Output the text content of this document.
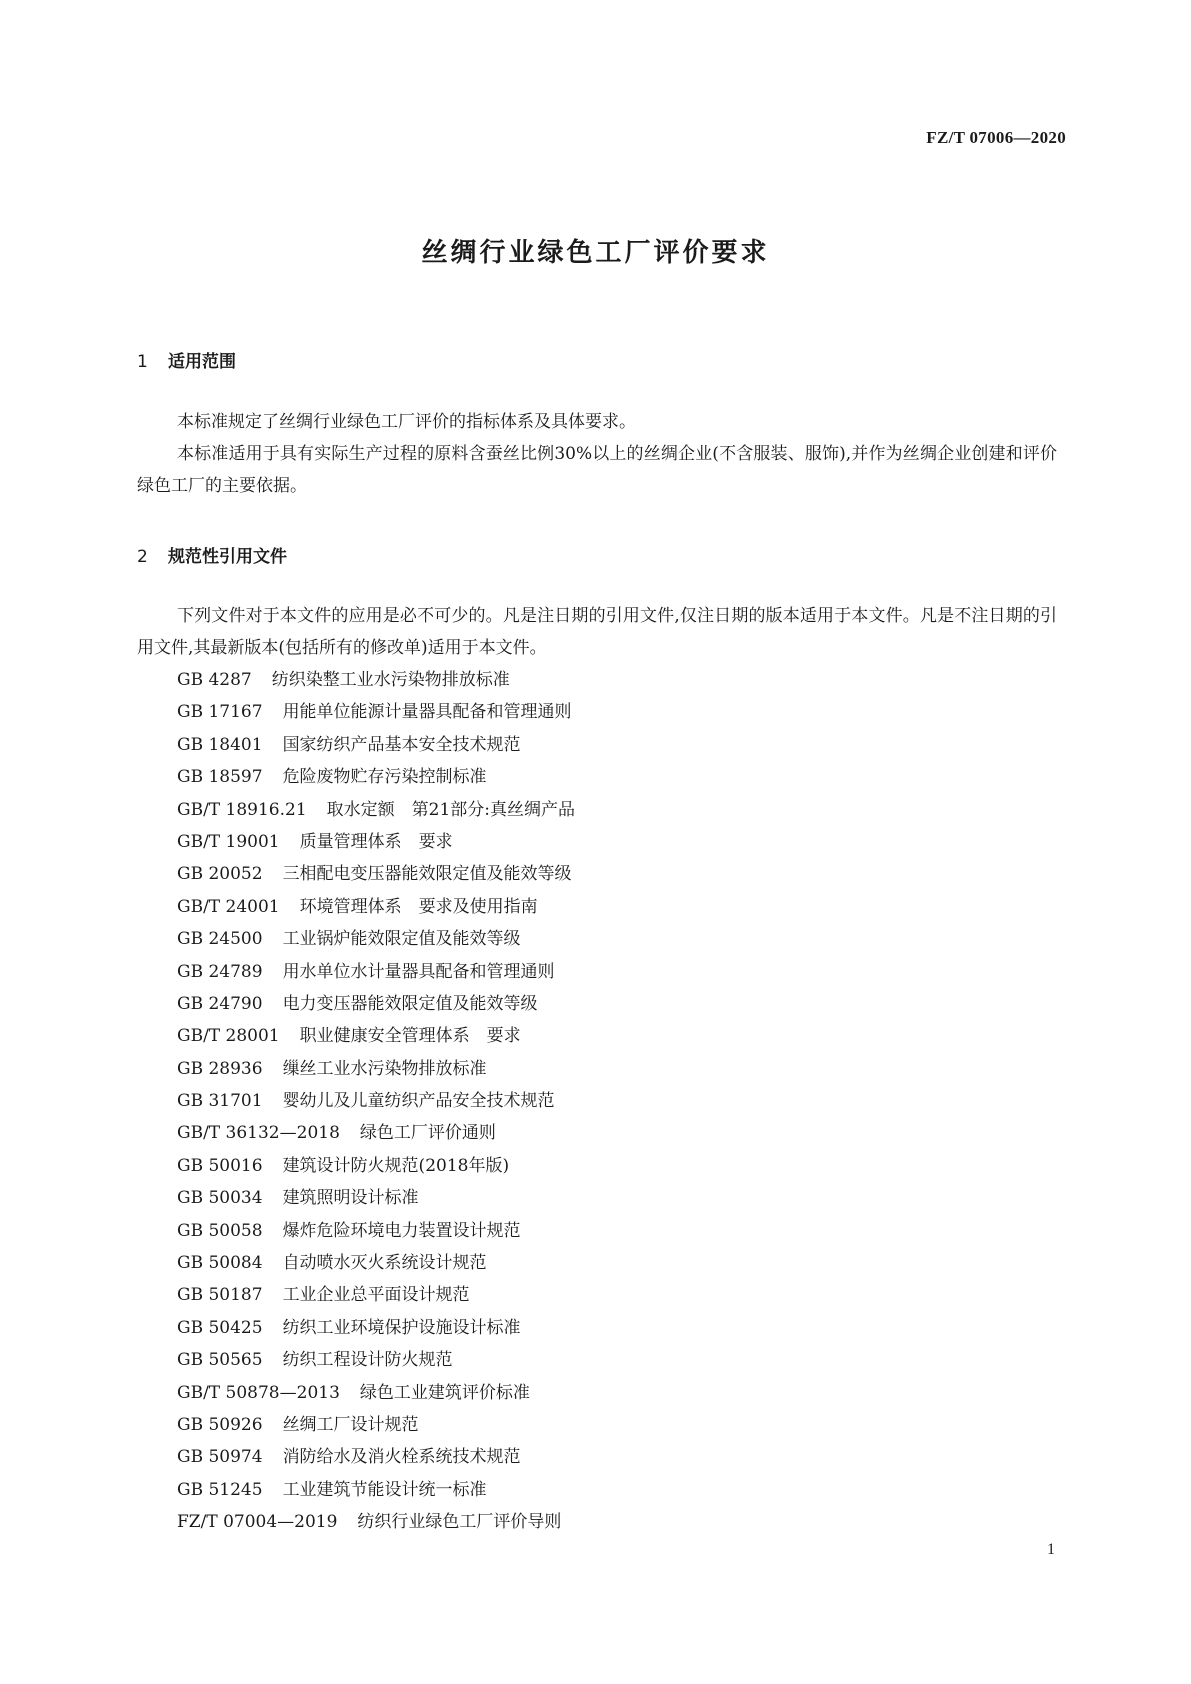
FZ/T 07006—2020

丝绸行业绿色工厂评价要求
1 适用范围

本标准规定了丝绸行业绿色工厂评价的指标体系及具体要求。

本标准适用于具有实际生产过程的原料含蚕丝比例30%以上的丝绸企业(不含服装、服饰),并作为丝绸企业创建和评价绿色工厂的主要依据。

2 规范性引用文件

下列文件对于本文件的应用是必不可少的。凡是注日期的引用文件,仅注日期的版本适用于本文件。凡是不注日期的引用文件,其最新版本(包括所有的修改单)适用于本文件。

GB 4287 纺织染整工业水污染物排放标准
GB 17167 用能单位能源计量器具配备和管理通则
GB 18401 国家纺织产品基本安全技术规范
GB 18597 危险废物贮存污染控制标准
GB/T 18916.21 取水定额　第21部分:真丝绸产品
GB/T 19001 质量管理体系　要求
GB 20052 三相配电变压器能效限定值及能效等级
GB/T 24001 环境管理体系　要求及使用指南
GB 24500 工业锅炉能效限定值及能效等级
GB 24789 用水单位水计量器具配备和管理通则
GB 24790 电力变压器能效限定值及能效等级
GB/T 28001 职业健康安全管理体系　要求
GB 28936 缫丝工业水污染物排放标准
GB 31701 婴幼儿及儿童纺织产品安全技术规范
GB/T 36132—2018 绿色工厂评价通则
GB 50016 建筑设计防火规范(2018年版)
GB 50034 建筑照明设计标准
GB 50058 爆炸危险环境电力装置设计规范
GB 50084 自动喷水灭火系统设计规范
GB 50187 工业企业总平面设计规范
GB 50425 纺织工业环境保护设施设计标准
GB 50565 纺织工程设计防火规范
GB/T 50878—2013 绿色工业建筑评价标准
GB 50926 丝绸工厂设计规范
GB 50974 消防给水及消火栓系统技术规范
GB 51245 工业建筑节能设计统一标准
FZ/T 07004—2019 纺织行业绿色工厂评价导则

1
